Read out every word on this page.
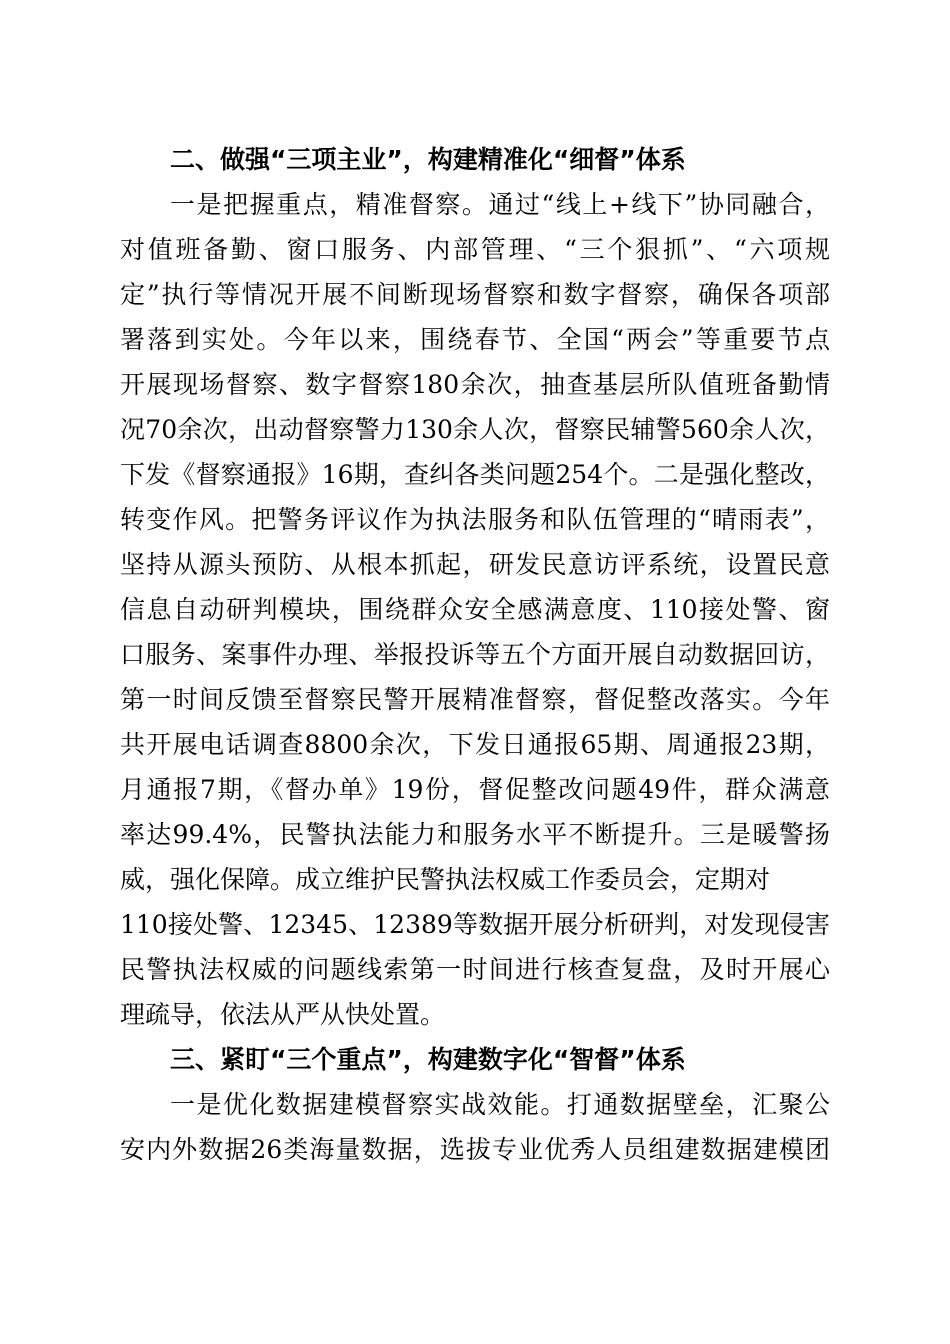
二、做强“三项主业”，构建精准化“细督”体系
一是把握重点，精准督察。通过“线上+线下”协同融合，
对值班备勤、窗口服务、内部管理、“三个狠抓”、“六项规
定”执行等情况开展不间断现场督察和数字督察，确保各项部
署落到实处。今年以来，围绕春节、全国“两会”等重要节点
开展现场督察、数字督察180余次，抽查基层所队值班备勤情
况70余次，出动督察警力130余人次，督察民辅警560余人次，
下发《督察通报》16期，查纠各类问题254个。二是强化整改，
转变作风。把警务评议作为执法服务和队伍管理的“晴雨表”，
坚持从源头预防、从根本抓起，研发民意访评系统，设置民意
信息自动研判模块，围绕群众安全感满意度、110接处警、窗
口服务、案事件办理、举报投诉等五个方面开展自动数据回访，
第一时间反馈至督察民警开展精准督察，督促整改落实。今年
共开展电话调查8800余次，下发日通报65期、周通报23期，
月通报7期，《督办单》19份，督促整改问题49件，群众满意
率达99.4%，民警执法能力和服务水平不断提升。三是暖警扬
威，强化保障。成立维护民警执法权威工作委员会，定期对
110接处警、12345、12389等数据开展分析研判，对发现侵害
民警执法权威的问题线索第一时间进行核查复盘，及时开展心
理疏导，依法从严从快处置。
三、紧盯“三个重点”，构建数字化“智督”体系
一是优化数据建模督察实战效能。打通数据壁垒，汇聚公
安内外数据26类海量数据，选拔专业优秀人员组建数据建模团
